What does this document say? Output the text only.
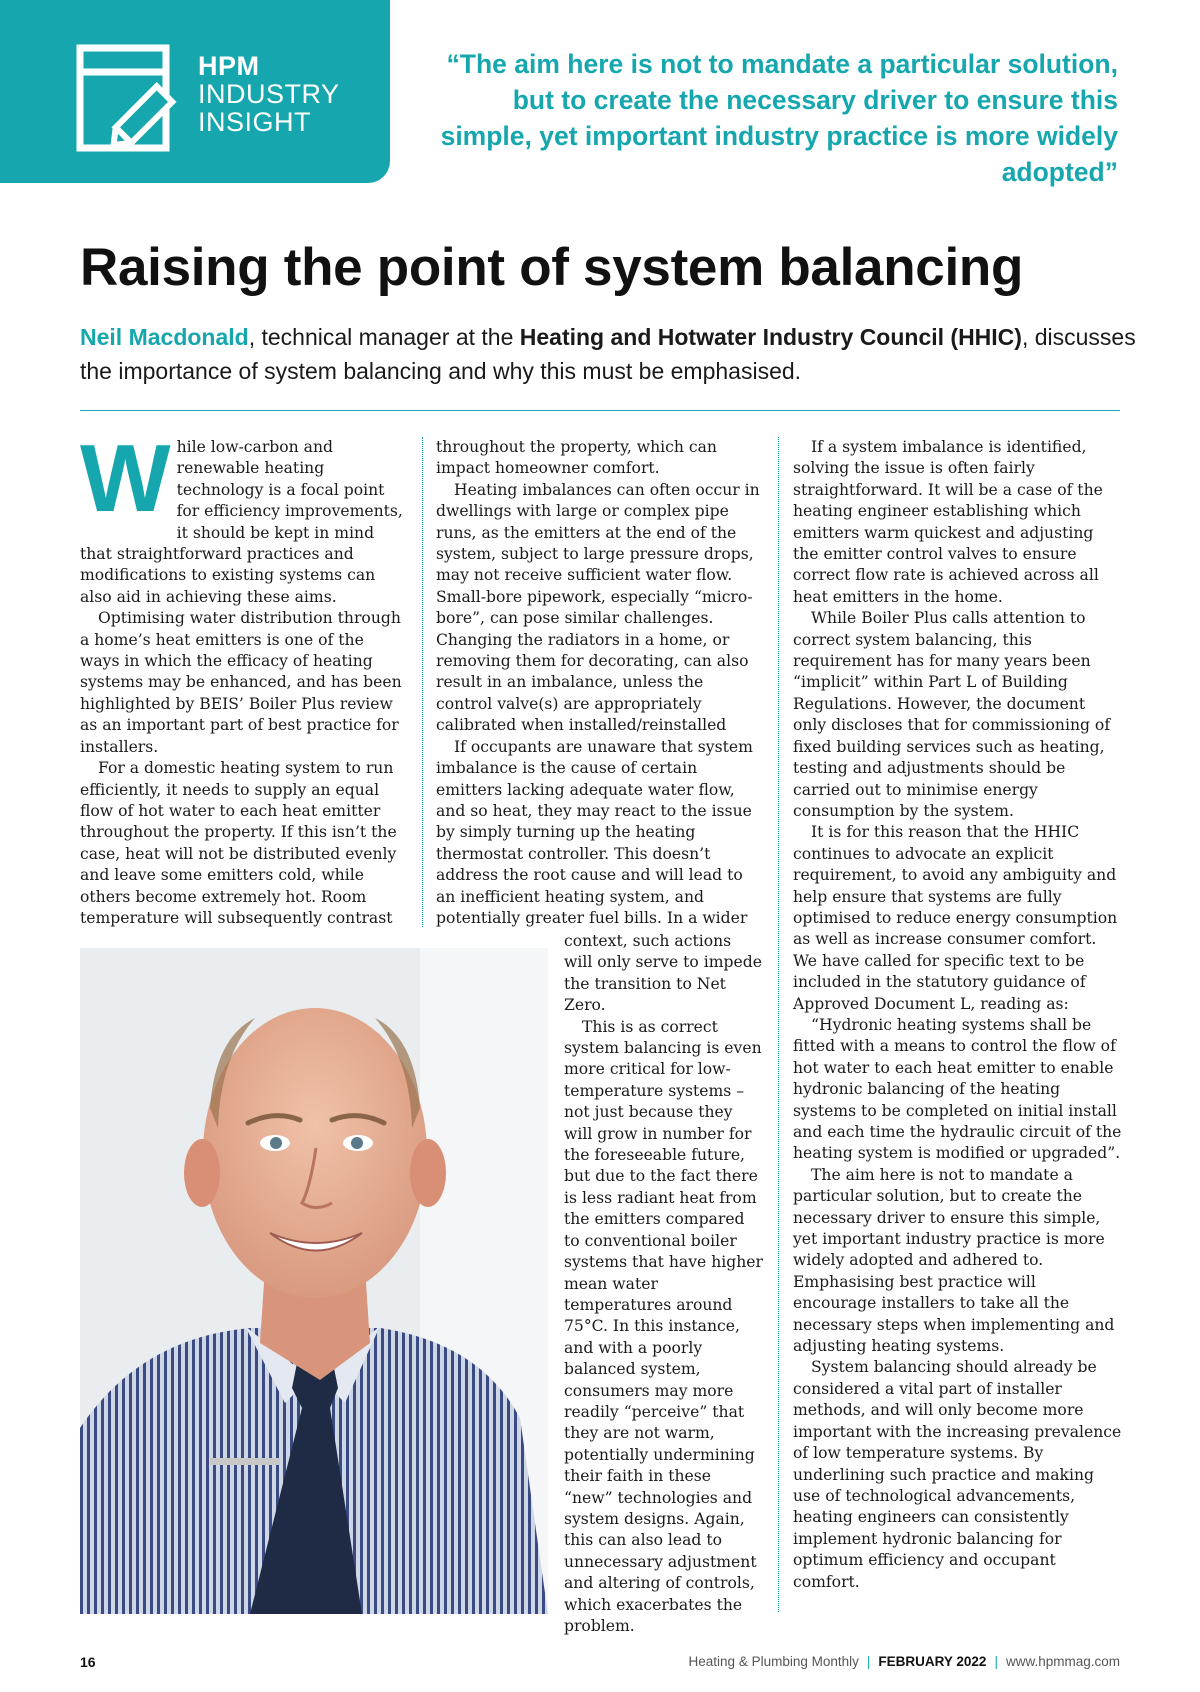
HPM
INDUSTRY
INSIGHT
“The aim here is not to mandate a particular solution, but to create the necessary driver to ensure this simple, yet important industry practice is more widely adopted”
Raising the point of system balancing
Neil Macdonald, technical manager at the Heating and Hotwater Industry Council (HHIC), discusses the importance of system balancing and why this must be emphasised.

While low-carbon and renewable heating technology is a focal point for efficiency improvements, it should be kept in mind that straightforward practices and modifications to existing systems can also aid in achieving these aims.

Optimising water distribution through a home’s heat emitters is one of the ways in which the efficacy of heating systems may be enhanced, and has been highlighted by BEIS’ Boiler Plus review as an important part of best practice for installers.

For a domestic heating system to run efficiently, it needs to supply an equal flow of hot water to each heat emitter throughout the property. If this isn’t the case, heat will not be distributed evenly and leave some emitters cold, while others become extremely hot. Room temperature will subsequently contrast

throughout the property, which can impact homeowner comfort.

Heating imbalances can often occur in dwellings with large or complex pipe runs, as the emitters at the end of the system, subject to large pressure drops, may not receive sufficient water flow. Small-bore pipework, especially “micro-bore”, can pose similar challenges. Changing the radiators in a home, or removing them for decorating, can also result in an imbalance, unless the control valve(s) are appropriately calibrated when installed/reinstalled

If occupants are unaware that system imbalance is the cause of certain emitters lacking adequate water flow, and so heat, they may react to the issue by simply turning up the heating thermostat controller. This doesn’t address the root cause and will lead to an inefficient heating system, and potentially greater fuel bills. In a wider

context, such actions will only serve to impede the transition to Net Zero.

This is as correct system balancing is even more critical for low-temperature systems – not just because they will grow in number for the foreseeable future, but due to the fact there is less radiant heat from the emitters compared to conventional boiler systems that have higher mean water temperatures around 75°C. In this instance, and with a poorly balanced system, consumers may more readily “perceive” that they are not warm, potentially undermining their faith in these “new” technologies and system designs. Again, this can also lead to unnecessary adjustment and altering of controls, which exacerbates the problem.

If a system imbalance is identified, solving the issue is often fairly straightforward. It will be a case of the heating engineer establishing which emitters warm quickest and adjusting the emitter control valves to ensure correct flow rate is achieved across all heat emitters in the home.

While Boiler Plus calls attention to correct system balancing, this requirement has for many years been “implicit” within Part L of Building Regulations. However, the document only discloses that for commissioning of fixed building services such as heating, testing and adjustments should be carried out to minimise energy consumption by the system.

It is for this reason that the HHIC continues to advocate an explicit requirement, to avoid any ambiguity and help ensure that systems are fully optimised to reduce energy consumption as well as increase consumer comfort. We have called for specific text to be included in the statutory guidance of Approved Document L, reading as:

“Hydronic heating systems shall be fitted with a means to control the flow of hot water to each heat emitter to enable hydronic balancing of the heating systems to be completed on initial install and each time the hydraulic circuit of the heating system is modified or upgraded”.

The aim here is not to mandate a particular solution, but to create the necessary driver to ensure this simple, yet important industry practice is more widely adopted and adhered to. Emphasising best practice will encourage installers to take all the necessary steps when implementing and adjusting heating systems.

System balancing should already be considered a vital part of installer methods, and will only become more important with the increasing prevalence of low temperature systems. By underlining such practice and making use of technological advancements, heating engineers can consistently implement hydronic balancing for optimum efficiency and occupant comfort.

16	Heating & Plumbing Monthly | FEBRUARY 2022 | www.hpmmag.com
